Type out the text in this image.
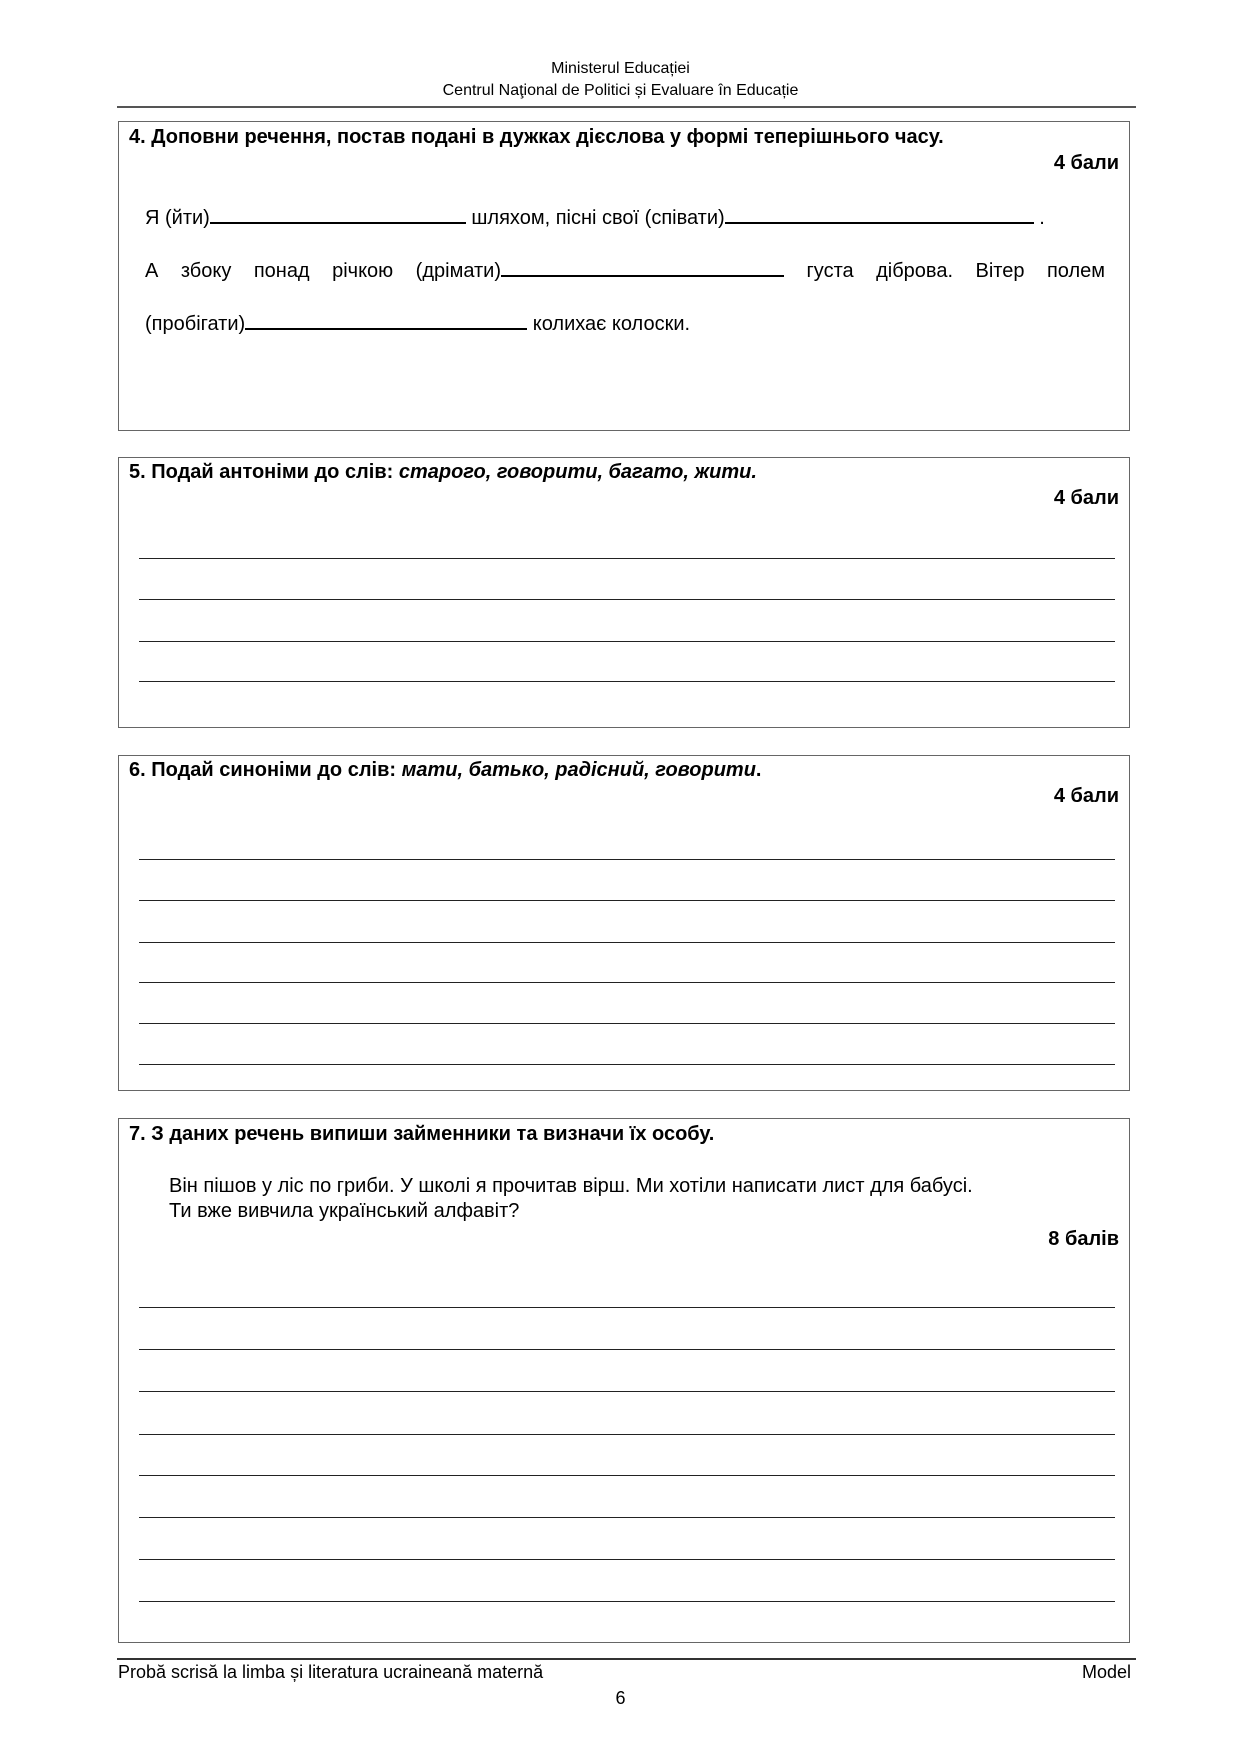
Ministerul Educației
Centrul Naţional de Politici și Evaluare în Educație
4. Доповни речення, постав подані в дужках дієслова у формі теперішнього часу.
4 бали
Я (йти)	шляхом, пісні свої (співати)	.
А збоку понад річкою (дрімати)	густа діброва. Вітер полем
(пробігати)	колихає колоски.
5. Подай антоніми до слів: старого, говорити, багато, жити.
4 бали
6. Подай синоніми до слів: мати, батько, радісний, говорити.
4 бали
7. З даних речень випиши займенники та визначи їх особу.
Він пішов у ліс по гриби. У школі я прочитав вірш. Ми хотіли написати лист для бабусі.
Ти вже вивчила український алфавіт?
8 балів
Probă scrisă la limba și literatura ucraineană maternă	Model
6
